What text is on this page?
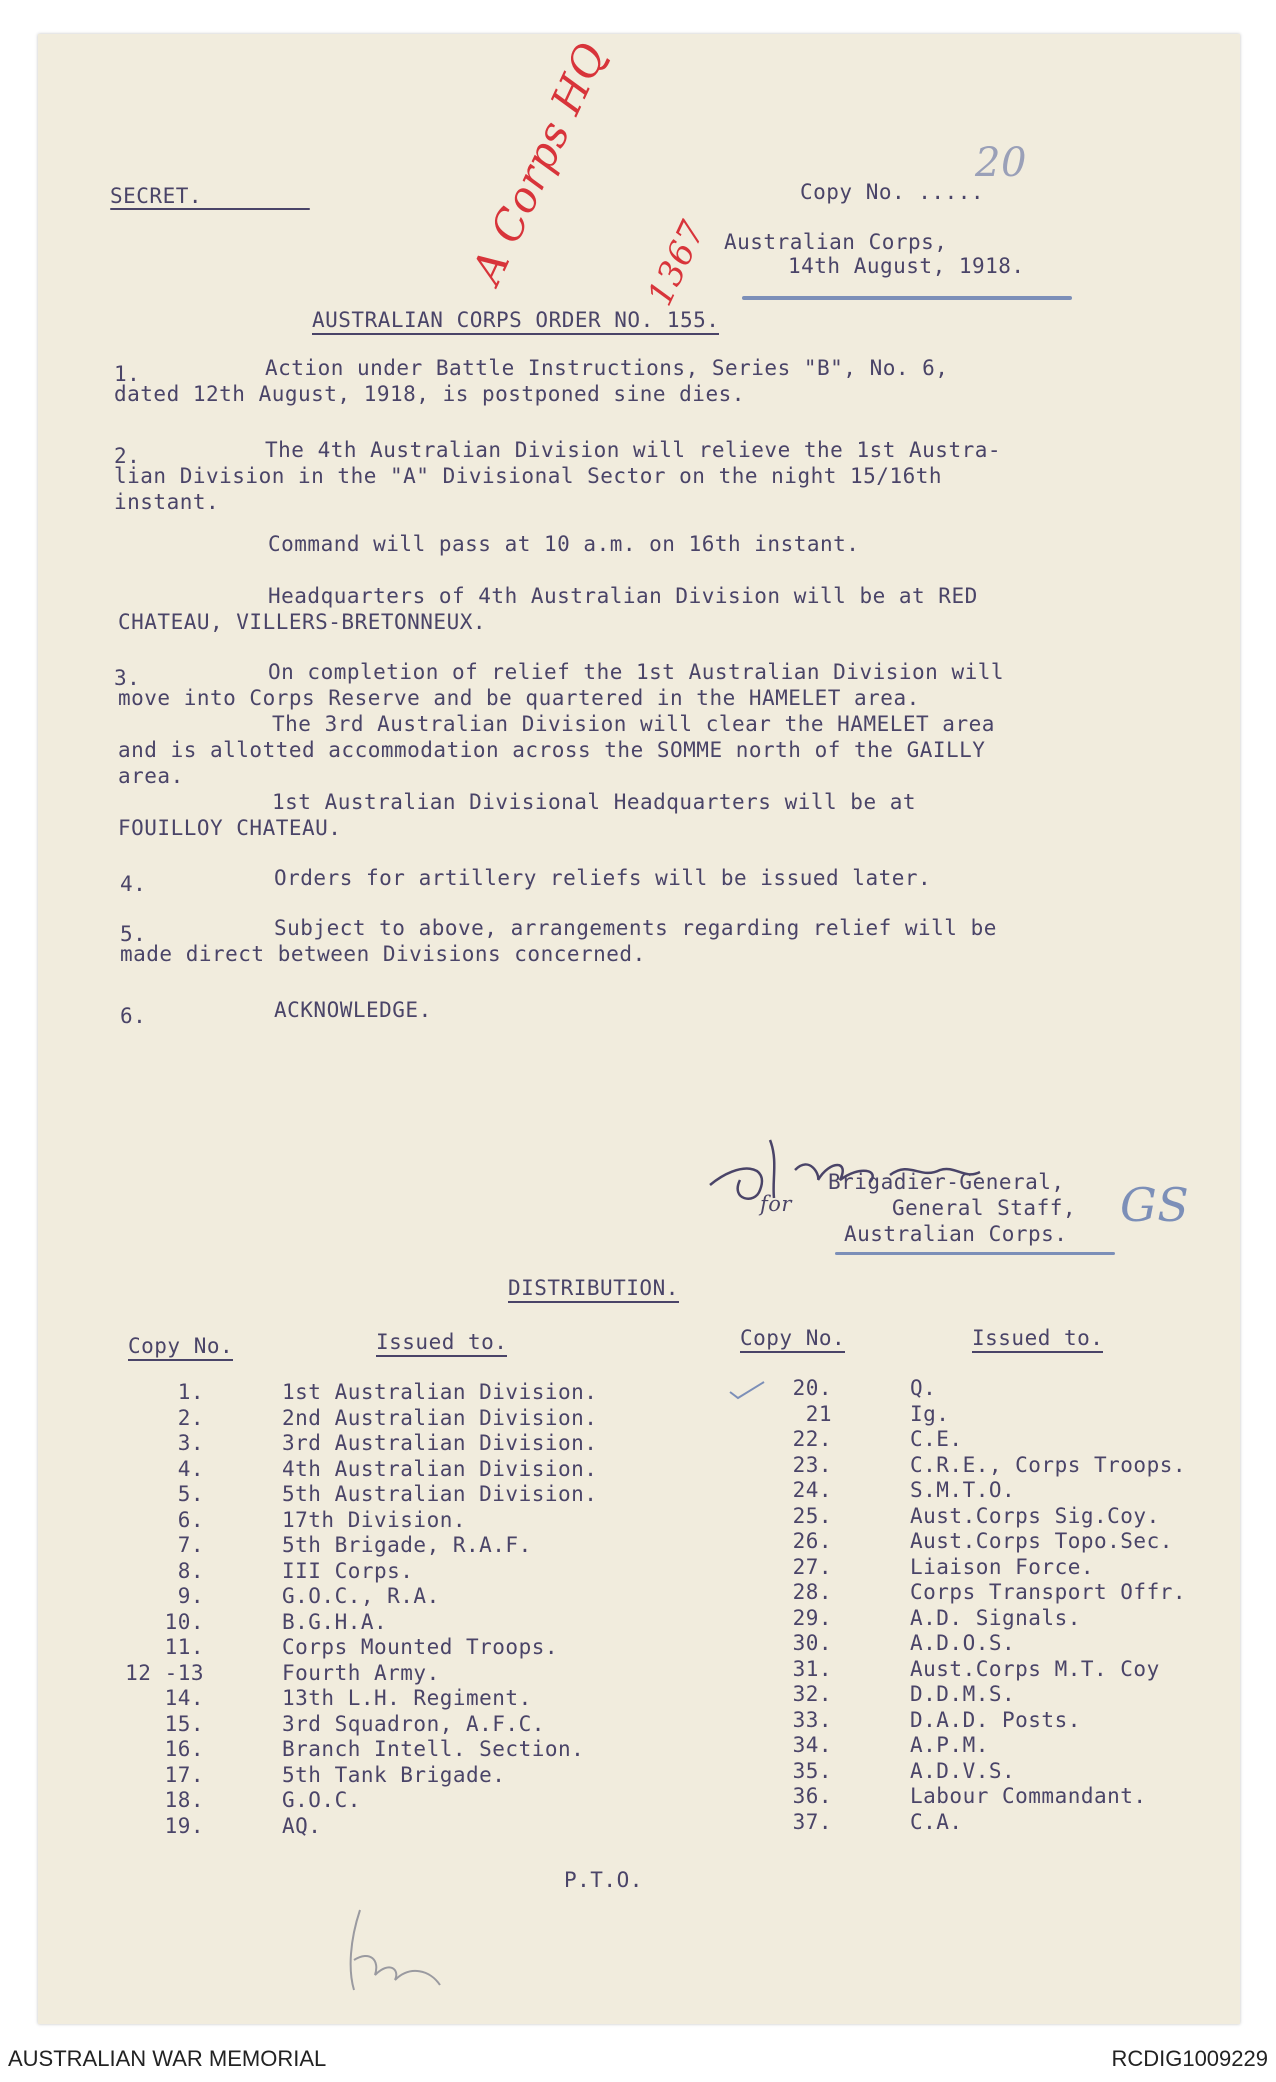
SECRET.	Copy No. .....
20
A Corps HQ 1367 Australian Corps,
14th August, 1918.
AUSTRALIAN CORPS ORDER NO. 155.
1.	Action under Battle Instructions, Series "B", No. 6,
dated 12th August, 1918, is postponed sine dies.
2.	The 4th Australian Division will relieve the 1st Austra-
lian Division in the "A" Divisional Sector on the night 15/16th
instant.
Command will pass at 10 a.m. on 16th instant.
Headquarters of 4th Australian Division will be at RED
CHATEAU, VILLERS-BRETONNEUX.
3.	On completion of relief the 1st Australian Division will
move into Corps Reserve and be quartered in the HAMELET area.
The 3rd Australian Division will clear the HAMELET area
and is allotted accommodation across the SOMME north of the GAILLY
area.
1st Australian Divisional Headquarters will be at
FOUILLOY CHATEAU.
4.	Orders for artillery reliefs will be issued later.
5.	Subject to above, arrangements regarding relief will be
made direct between Divisions concerned.
6.	ACKNOWLEDGE.
for
Brigadier-General,
General Staff,
Australian Corps.
GS
DISTRIBUTION.
Copy No.	Issued to.	Copy No.	Issued to.
1.	1st Australian Division.
2.	2nd Australian Division.
3.	3rd Australian Division.
4.	4th Australian Division.
5.	5th Australian Division.
6.	17th Division.
7.	5th Brigade, R.A.F.
8.	III Corps.
9.	G.O.C., R.A.
10.	B.G.H.A.
11.	Corps Mounted Troops.
12 -13	Fourth Army.
14.	13th L.H. Regiment.
15.	3rd Squadron, A.F.C.
16.	Branch Intell. Section.
17.	5th Tank Brigade.
18.	G.O.C.
19.	AQ.
20.	Q.
21	Ig.
22.	C.E.
23.	C.R.E., Corps Troops.
24.	S.M.T.O.
25.	Aust.Corps Sig.Coy.
26.	Aust.Corps Topo.Sec.
27.	Liaison Force.
28.	Corps Transport Offr.
29.	A.D. Signals.
30.	A.D.O.S.
31.	Aust.Corps M.T. Coy
32.	D.D.M.S.
33.	D.A.D. Posts.
34.	A.P.M.
35.	A.D.V.S.
36.	Labour Commandant.
37.	C.A.
P.T.O.
AUSTRALIAN WAR MEMORIAL	RCDIG1009229
